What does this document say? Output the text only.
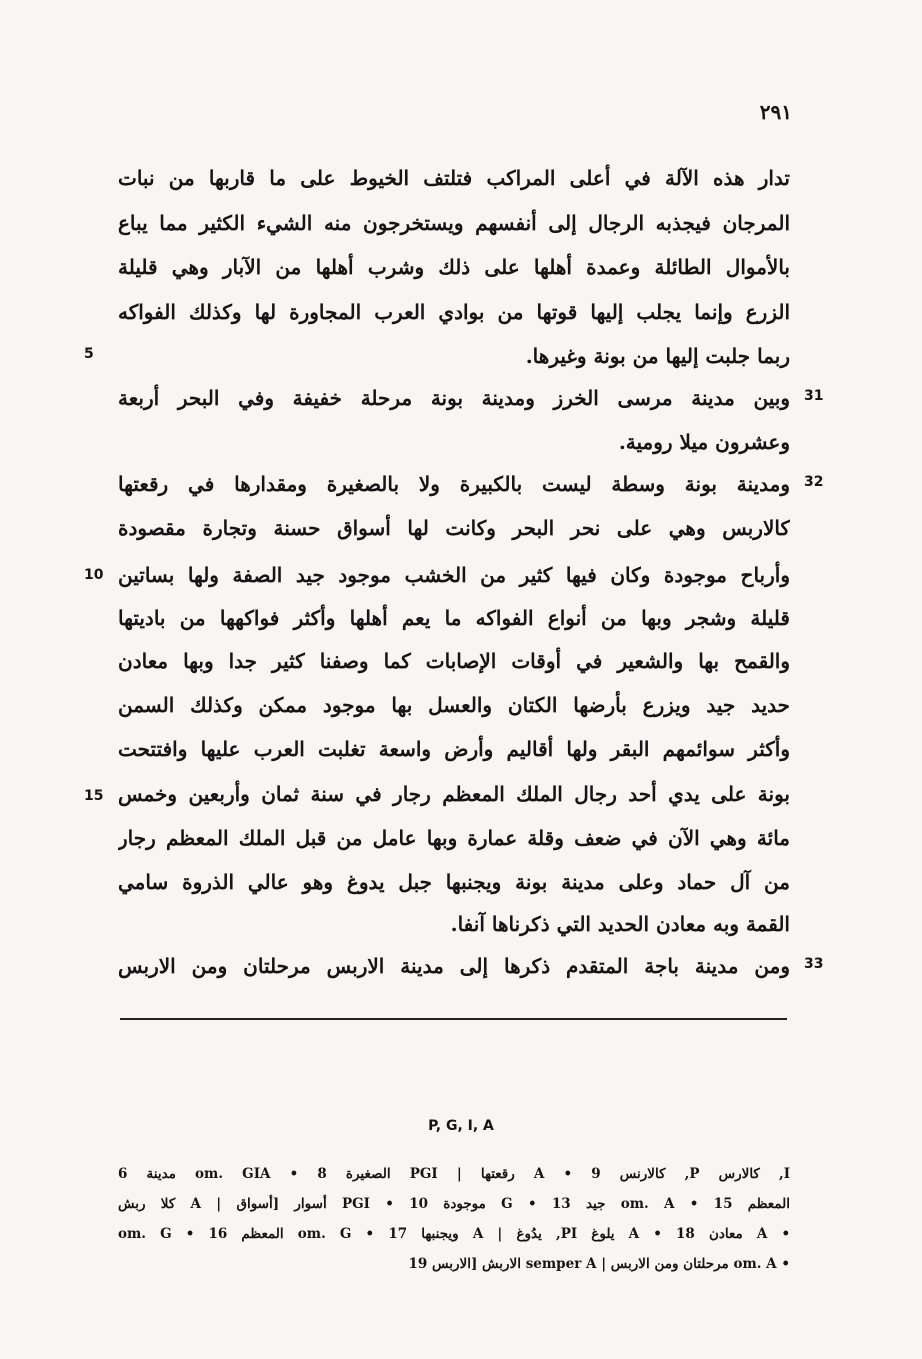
٢٩١
تدار هذه الآلة في أعلى المراكب فتلتف الخيوط على ما قاربها من نبات
المرجان فيجذبه الرجال إلى أنفسهم ويستخرجون منه الشيء الكثير مما يباع
بالأموال الطائلة وعمدة أهلها على ذلك وشرب أهلها من الآبار وهي قليلة
الزرع وإنما يجلب إليها قوتها من بوادي العرب المجاورة لها وكذلك الفواكه
ربما جلبت إليها من بونة وغيرها.
وبين مدينة مرسى الخرز ومدينة بونة مرحلة خفيفة وفي البحر أربعة
وعشرون ميلا رومية.
ومدينة بونة وسطة ليست بالكبيرة ولا بالصغيرة ومقدارها في رقعتها
كالاربس وهي على نحر البحر وكانت لها أسواق حسنة وتجارة مقصودة
وأرباح موجودة وكان فيها كثير من الخشب موجود جيد الصفة ولها بساتين
قليلة وشجر وبها من أنواع الفواكه ما يعم أهلها وأكثر فواكهها من باديتها
والقمح بها والشعير في أوقات الإصابات كما وصفنا كثير جدا وبها معادن
حديد جيد ويزرع بأرضها الكتان والعسل بها موجود ممكن وكذلك السمن
وأكثر سوائمهم البقر ولها أقاليم وأرض واسعة تغلبت العرب عليها وافتتحت
بونة على يدي أحد رجال الملك المعظم رجار في سنة ثمان وأربعين وخمس
مائة وهي الآن في ضعف وقلة عمارة وبها عامل من قبل الملك المعظم رجار
من آل حماد وعلى مدينة بونة ويجنبها جبل يدوغ وهو عالي الذروة سامي
القمة وبه معادن الحديد التي ذكرناها آنفا.
ومن مدينة باجة المتقدم ذكرها إلى مدينة الاربس مرحلتان ومن الاربس
5
10
15
31
32
33
P, G, I, A
I, كالارس P, كالارنس 9 • A رقعتها | PGI الصغيرة 8 • om. GIA مدينة 6
المعظم 15 • om. A جيد 13 • G موجودة 10 • PGI أسوار [أسواق | A كلا ربش
• A معادن 18 • A يلوغ PI, يدُوغ | A ويجنبها 17 • om. G المعظم 16 • om. G
• om. A مرحلتان ومن الاربس | semper A الاربش [الاربس 19
